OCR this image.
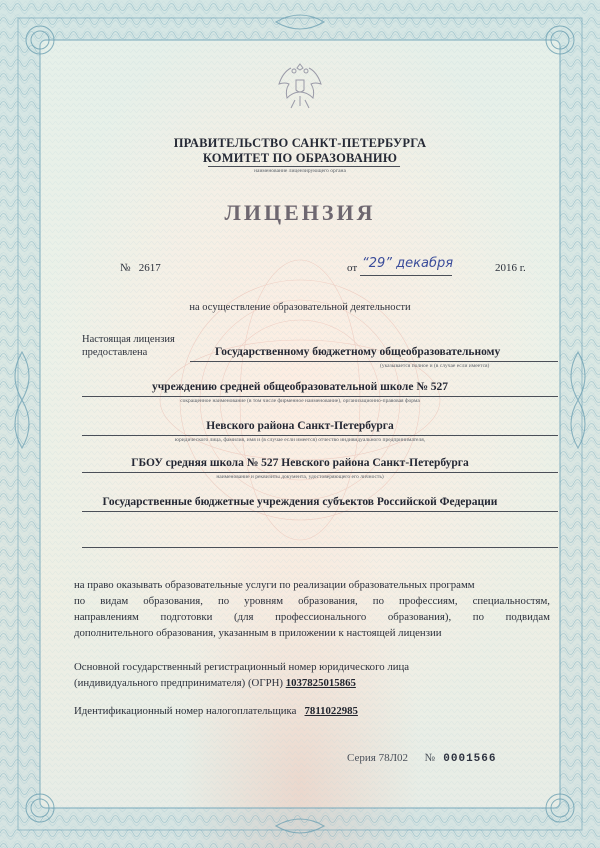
ПРАВИТЕЛЬСТВО САНКТ-ПЕТЕРБУРГА
КОМИТЕТ ПО ОБРАЗОВАНИЮ
наименование лицензирующего органа
ЛИЦЕНЗИЯ
№ 2617	от “29” декабря	2016 г.
на осуществление образовательной деятельности
Настоящая лицензия
предоставлена	Государственному бюджетному общеобразовательному
(указывается полное и (в случае если имеется)
учреждению средней общеобразовательной школе № 527
сокращенное наименование (в том числе фирменное наименование), организационно-правовая форма
Невского района Санкт-Петербурга
юридического лица, фамилия, имя и (в случае если имеется) отчество индивидуального предпринимателя,
ГБОУ средняя школа № 527 Невского района Санкт-Петербурга
наименование и реквизиты документа, удостоверяющего его личность)
Государственные бюджетные учреждения субъектов Российской Федерации
на право оказывать образовательные услуги по реализации образовательных программ
по видам образования, по уровням образования, по профессиям, специальностям,
направлениям подготовки (для профессионального образования), по подвидам
дополнительного образования, указанным в приложении к настоящей лицензии
Основной государственный регистрационный номер юридического лица
(индивидуального предпринимателя) (ОГРН) 1037825015865
Идентификационный номер налогоплательщика 7811022985
Серия 78Л02 № 0001566
